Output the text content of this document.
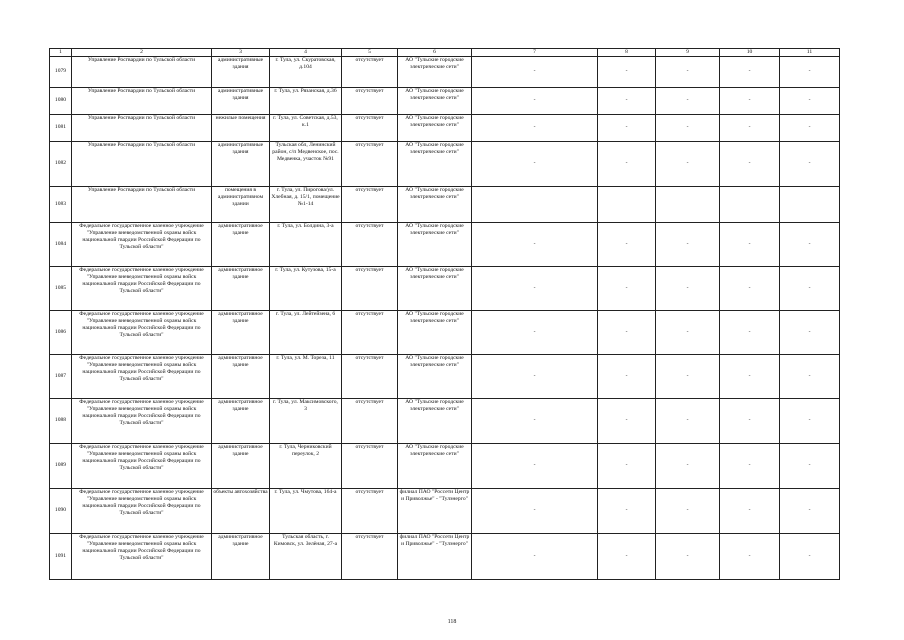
1	2	3	4	5	6	7	8	9	10	11
1079	Управление Росгвардии по Тульской области	административные здания	г. Тула, ул. Скуратовская, д.104	отсутствует	АО "Тульские городские электрические сети"	-	-	-	-	-
1080	Управление Росгвардии по Тульской области	административные здания	г. Тула, ул. Рязанская, д.36	отсутствует	АО "Тульские городские электрические сети"	-	-	-	-	-
1081	Управление Росгвардии по Тульской области	нежилые помещения	г. Тула, ул. Советская, д.53, к.1	отсутствует	АО "Тульские городские электрические сети"	-	-	-	-	-
1082	Управление Росгвардии по Тульской области	административные здания	Тульская обл, Ленинский район, с/п Медвенское, пос. Медвенка, участок №91	отсутствует	АО "Тульские городские электрические сети"	-	-	-	-	-
1083	Управление Росгвардии по Тульской области	помещения в административном здании	г. Тула, ул. Пирогова/ул. Хлебная, д. 15/1, помещение №1-14	отсутствует	АО "Тульские городские электрические сети"					
1084	Федеральное государственное казенное учреждение "Управление вневедомственной охраны войск национальной гвардии Российской Федерации по Тульской области"	административное здание	г. Тула, ул. Болдина, 3-а	отсутствует	АО "Тульские городские электрические сети"	-	-	-	-	-
1085	Федеральное государственное казенное учреждение "Управление вневедомственной охраны войск национальной гвардии Российской Федерации по Тульской области"	административное здание	г. Тула, ул. Кутузова, 15-а	отсутствует	АО "Тульские городские электрические сети"	-	-	-	-	-
1086	Федеральное государственное казенное учреждение "Управление вневедомственной охраны войск национальной гвардии Российской Федерации по Тульской области"	административное здание	г. Тула, ул. Лейтейзена, 6	отсутствует	АО "Тульские городские электрические сети"	-	-	-	-	-
1087	Федеральное государственное казенное учреждение "Управление вневедомственной охраны войск национальной гвардии Российской Федерации по Тульской области"	административное здание	г. Тула, ул. М. Тореза, 11	отсутствует	АО "Тульские городские электрические сети"	-	-	-	-	-
1088	Федеральное государственное казенное учреждение "Управление вневедомственной охраны войск национальной гвардии Российской Федерации по Тульской области"	административное здание	г. Тула, ул. Максимовского, 3	отсутствует	АО "Тульские городские электрические сети"	-	-	-	-	-
1089	Федеральное государственное казенное учреждение "Управление вневедомственной охраны войск национальной гвардии Российской Федерации по Тульской области"	административное здание	г. Тула, Черниковский переулок, 2	отсутствует	АО "Тульские городские электрические сети"	-	-	-	-	-
1090	Федеральное государственное казенное учреждение "Управление вневедомственной охраны войск национальной гвардии Российской Федерации по Тульской области"	объекты автохозяйства	г. Тула, ул. Чмутова, 164-а	отсутствует	филиал ПАО "Россети Центр и Приволжье" - "Тулэнерго"	-	-	-	-	-
1091	Федеральное государственное казенное учреждение "Управление вневедомственной охраны войск национальной гвардии Российской Федерации по Тульской области"	административное здание	Тульская область, г. Кимовск, ул. Зелёная, 27-а	отсутствует	филиал ПАО "Россети Центр и Приволжье" - "Тулэнерго"	-	-	-	-	-
118
